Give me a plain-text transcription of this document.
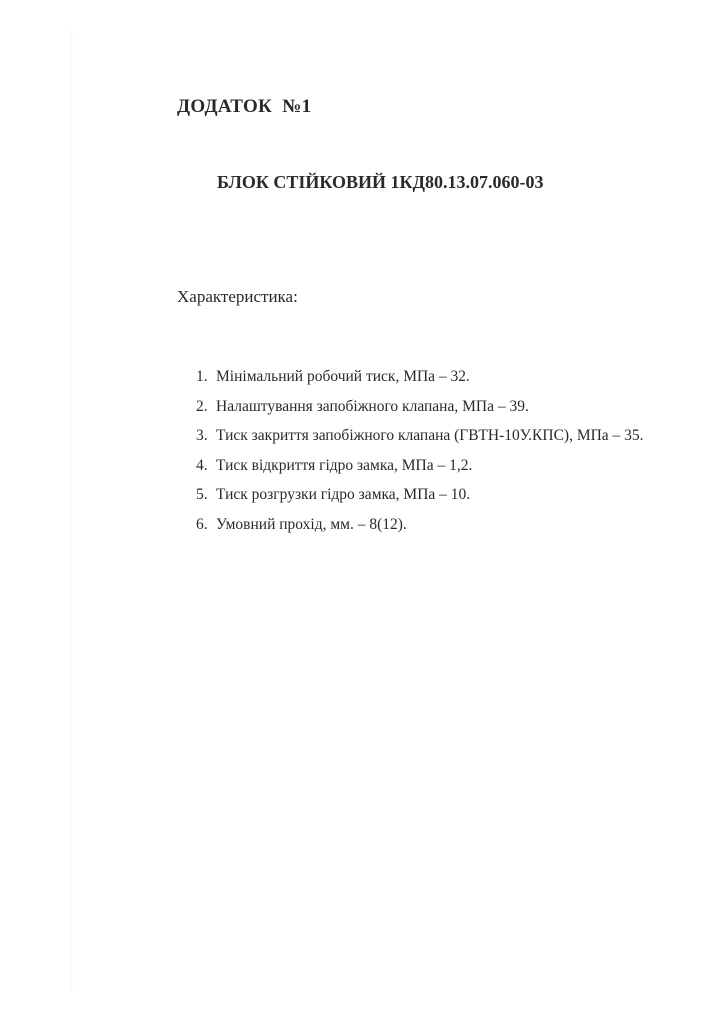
ДОДАТОК  №1
БЛОК СТІЙКОВИЙ 1КД80.13.07.060-03
Характеристика:
1. Мінімальний робочий тиск, МПа – 32.
2. Налаштування запобіжного клапана, МПа – 39.
3. Тиск закриття запобіжного клапана (ГВТН-10У.КПС), МПа – 35.
4. Тиск відкриття гідро замка, МПа – 1,2.
5. Тиск розгрузки гідро замка, МПа – 10.
6. Умовний прохід, мм. – 8(12).
